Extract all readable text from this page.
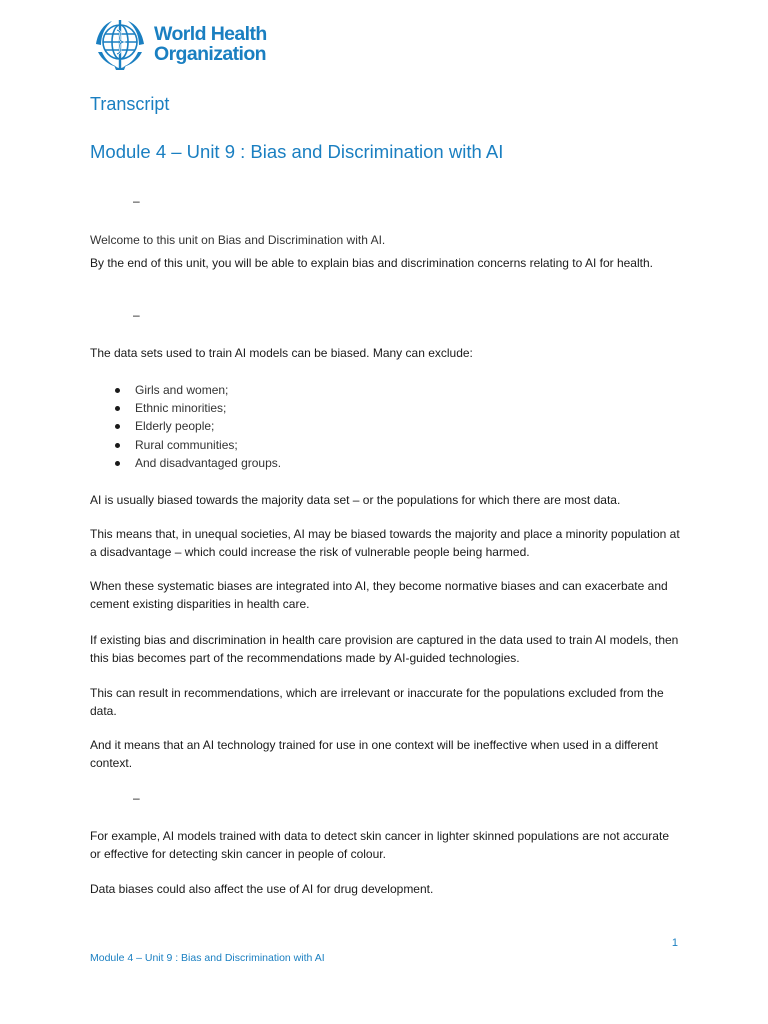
World Health
Organization
Transcript
Module 4 – Unit 9 : Bias and Discrimination with AI
–

Welcome to this unit on Bias and Discrimination with AI.

By the end of this unit, you will be able to explain bias and discrimination concerns relating to AI for health.

–

The data sets used to train AI models can be biased. Many can exclude:

Girls and women;
Ethnic minorities;
Elderly people;
Rural communities;
And disadvantaged groups.

AI is usually biased towards the majority data set – or the populations for which there are most data.

This means that, in unequal societies, AI may be biased towards the majority and place a minority population at a disadvantage – which could increase the risk of vulnerable people being harmed.

When these systematic biases are integrated into AI, they become normative biases and can exacerbate and cement existing disparities in health care.

If existing bias and discrimination in health care provision are captured in the data used to train AI models, then this bias becomes part of the recommendations made by AI-guided technologies.

This can result in recommendations, which are irrelevant or inaccurate for the populations excluded from the data.

And it means that an AI technology trained for use in one context will be ineffective when used in a different context.

–

For example, AI models trained with data to detect skin cancer in lighter skinned populations are not accurate or effective for detecting skin cancer in people of colour.

Data biases could also affect the use of AI for drug development.

1
Module 4 – Unit 9 : Bias and Discrimination with AI
